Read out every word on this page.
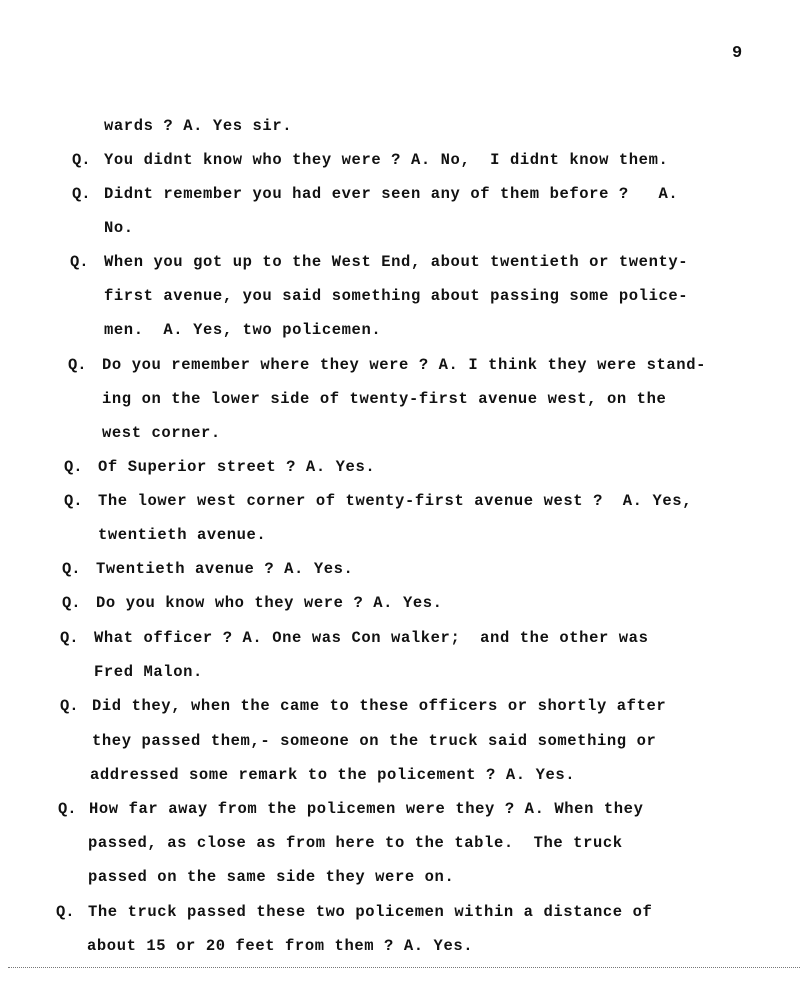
9
wards ? A. Yes sir.
Q. You didnt know who they were ? A. No,  I didnt know them.
Q. Didnt remember you had ever seen any of them before ?   A.
No.
Q. When you got up to the West End, about twentieth or twenty-
first avenue, you said something about passing some police-
men.  A. Yes, two policemen.
Q. Do you remember where they were ? A. I think they were stand-
ing on the lower side of twenty-first avenue west, on the
west corner.
Q. Of Superior street ? A. Yes.
Q. The lower west corner of twenty-first avenue west ?  A. Yes,
twentieth avenue.
Q. Twentieth avenue ? A. Yes.
Q. Do you know who they were ? A. Yes.
Q. What officer ? A. One was Con walker;  and the other was
Fred Malon.
Q. Did they, when the came to these officers or shortly after
they passed them,- someone on the truck said something or
addressed some remark to the policement ? A. Yes.
Q. How far away from the policemen were they ? A. When they
passed, as close as from here to the table.  The truck
passed on the same side they were on.
Q. The truck passed these two policemen within a distance of
about 15 or 20 feet from them ? A. Yes.
